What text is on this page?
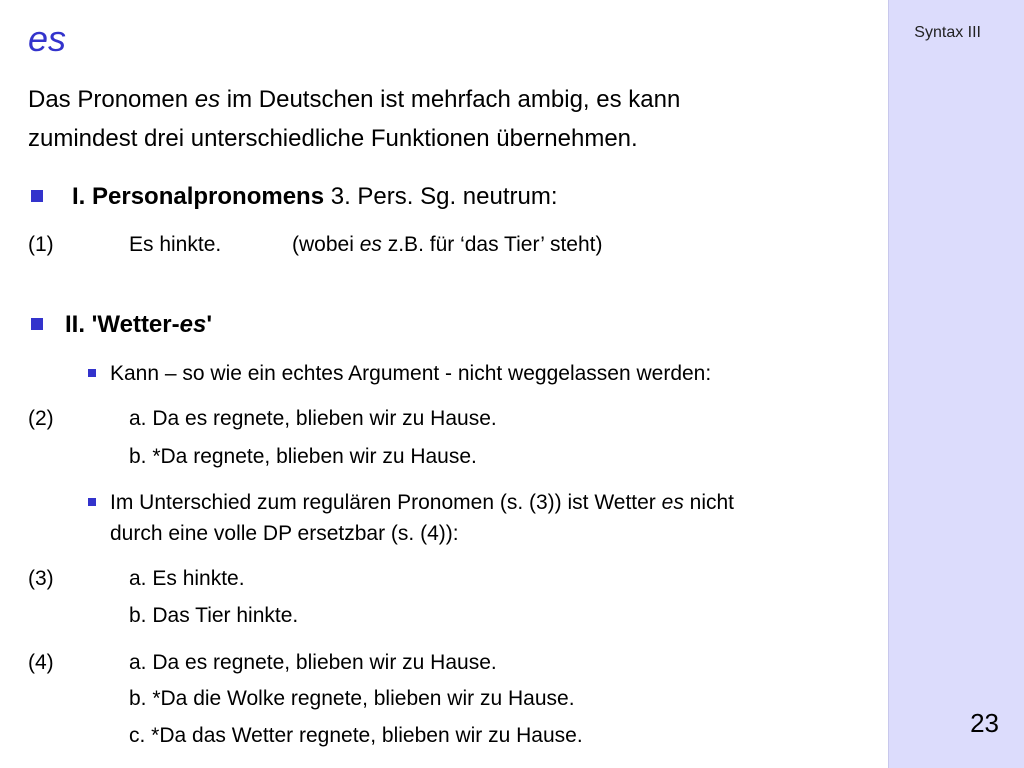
Syntax III
23
es
Das Pronomen es im Deutschen ist mehrfach ambig, es kann
zumindest drei unterschiedliche Funktionen übernehmen.
I. Personalpronomens 3. Pers. Sg. neutrum:
(1)	Es hinkte.	(wobei es z.B. für ‘das Tier’ steht)
II. 'Wetter-es'
Kann – so wie ein echtes Argument - nicht weggelassen werden:
(2)	a. Da es regnete, blieben wir zu Hause.
b. *Da regnete, blieben wir zu Hause.
Im Unterschied zum regulären Pronomen (s. (3)) ist Wetter es nicht
durch eine volle DP ersetzbar (s. (4)):
(3)	a. Es hinkte.
b. Das Tier hinkte.
(4)	a. Da es regnete, blieben wir zu Hause.
b. *Da die Wolke regnete, blieben wir zu Hause.
c. *Da das Wetter regnete, blieben wir zu Hause.
